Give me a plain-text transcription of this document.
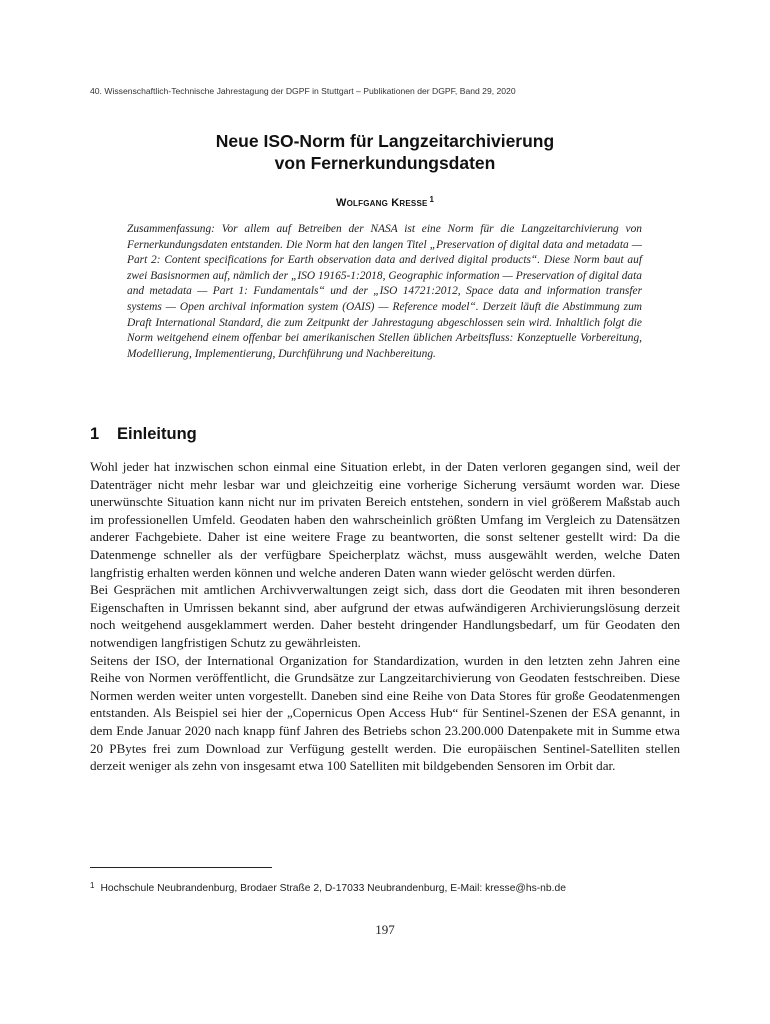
40. Wissenschaftlich-Technische Jahrestagung der DGPF in Stuttgart – Publikationen der DGPF, Band 29, 2020
Neue ISO-Norm für Langzeitarchivierung
von Fernerkundungsdaten
Wolfgang Kresse $^1$
Zusammenfassung: Vor allem auf Betreiben der NASA ist eine Norm für die Langzeitarchivierung von Fernerkundungsdaten entstanden. Die Norm hat den langen Titel „Preservation of digital data and metadata — Part 2: Content specifications for Earth observation data and derived digital products“. Diese Norm baut auf zwei Basisnormen auf, nämlich der „ISO 19165-1:2018, Geographic information — Preservation of digital data and metadata — Part 1: Fundamentals“ und der „ISO 14721:2012, Space data and information transfer systems — Open archival information system (OAIS) — Reference model“. Derzeit läuft die Abstimmung zum Draft International Standard, die zum Zeitpunkt der Jahrestagung abgeschlossen sein wird. Inhaltlich folgt die Norm weitgehend einem offenbar bei amerikanischen Stellen üblichen Arbeitsfluss: Konzeptuelle Vorbereitung, Modellierung, Implementierung, Durchführung und Nachbereitung.
1 Einleitung

Wohl jeder hat inzwischen schon einmal eine Situation erlebt, in der Daten verloren gegangen sind, weil der Datenträger nicht mehr lesbar war und gleichzeitig eine vorherige Sicherung versäumt worden war. Diese unerwünschte Situation kann nicht nur im privaten Bereich entstehen, sondern in viel größerem Maßstab auch im professionellen Umfeld. Geodaten haben den wahrscheinlich größten Umfang im Vergleich zu Datensätzen anderer Fachgebiete. Daher ist eine weitere Frage zu beantworten, die sonst seltener gestellt wird: Da die Datenmenge schneller als der verfügbare Speicherplatz wächst, muss ausgewählt werden, welche Daten langfristig erhalten werden können und welche anderen Daten wann wieder gelöscht werden dürfen.

Bei Gesprächen mit amtlichen Archivverwaltungen zeigt sich, dass dort die Geodaten mit ihren besonderen Eigenschaften in Umrissen bekannt sind, aber aufgrund der etwas aufwändigeren Archivierungslösung derzeit noch weitgehend ausgeklammert werden. Daher besteht dringender Handlungsbedarf, um für Geodaten den notwendigen langfristigen Schutz zu gewährleisten.

Seitens der ISO, der International Organization for Standardization, wurden in den letzten zehn Jahren eine Reihe von Normen veröffentlicht, die Grundsätze zur Langzeitarchivierung von Geodaten festschreiben. Diese Normen werden weiter unten vorgestellt. Daneben sind eine Reihe von Data Stores für große Geodatenmengen entstanden. Als Beispiel sei hier der „Copernicus Open Access Hub“ für Sentinel-Szenen der ESA genannt, in dem Ende Januar 2020 nach knapp fünf Jahren des Betriebs schon 23.200.000 Datenpakete mit in Summe etwa 20 PBytes frei zum Download zur Verfügung gestellt werden. Die europäischen Sentinel-Satelliten stellen derzeit weniger als zehn von insgesamt etwa 100 Satelliten mit bildgebenden Sensoren im Orbit dar.

$^1$ Hochschule Neubrandenburg, Brodaer Straße 2, D-17033 Neubrandenburg, E-Mail: kresse@hs-nb.de
197
